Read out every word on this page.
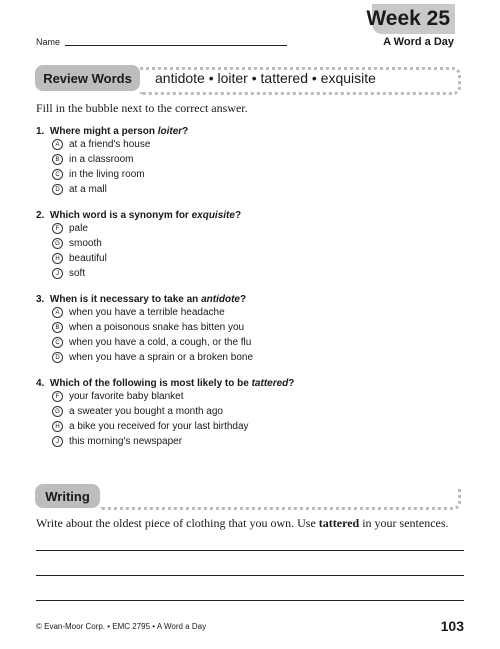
Name
Week 25
A Word a Day
Review Words	antidote • loiter • tattered • exquisite
Fill in the bubble next to the correct answer.
1. Where might a person loiter?
A at a friend's house
B in a classroom
C in the living room
D at a mall
2. Which word is a synonym for exquisite?
F pale
G smooth
H beautiful
J	soft
3. When is it necessary to take an antidote?
A when you have a terrible headache
B when a poisonous snake has bitten you
C when you have a cold, a cough, or the flu
D when you have a sprain or a broken bone
4. Which of the following is most likely to be tattered?
F your favorite baby blanket
G a sweater you bought a month ago
H a bike you received for your last birthday
J	this morning's newspaper
Writing
Write about the oldest piece of clothing that you own. Use tattered in your sentences.
© Evan-Moor Corp. • EMC 2795 • A Word a Day	103
